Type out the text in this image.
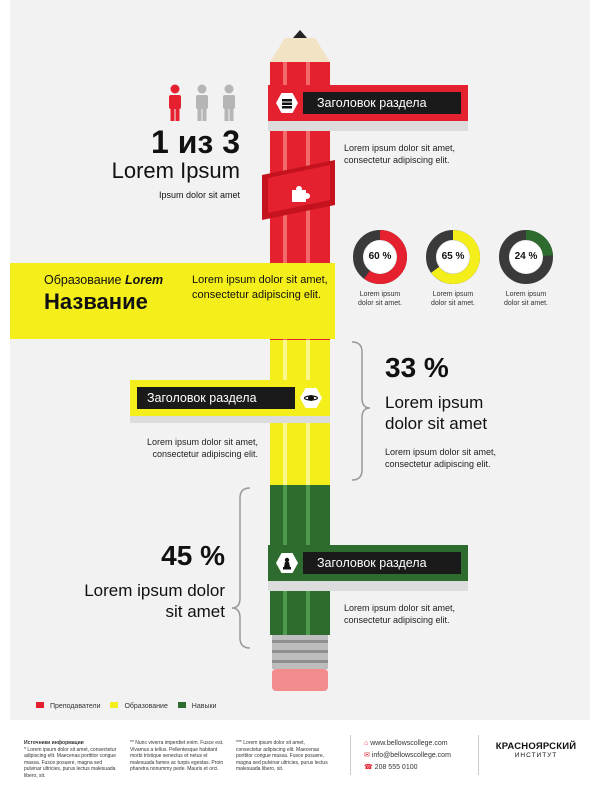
1 из 3
Lorem Ipsum
Ipsum dolor sit amet
Заголовок раздела
Lorem ipsum dolor sit amet, consectetur adipiscing elit.
60 %	65 %	24 %
Lorem ipsum dolor sit amet.
Lorem ipsum dolor sit amet.
Lorem ipsum dolor sit amet.
Образование Lorem
Название
Lorem ipsum dolor sit amet, consectetur adipiscing elit.
33 %
Lorem ipsum dolor sit amet
Lorem ipsum dolor sit amet, consectetur adipiscing elit.
Заголовок раздела
Lorem ipsum dolor sit amet, consectetur adipiscing elit.
45 %
Lorem ipsum dolor sit amet
Заголовок раздела
Lorem ipsum dolor sit amet, consectetur adipiscing elit.
Преподаватели	Образование	Навыки
Источники информации
* Lorem ipsum dolor sit amet, consectetur adipiscing elit. Maecenas porttitor congue massa. Fusce posuere, magna sed pulvinar ultricies, purus lectus malesuada libero, sit.
** Nunc viverra imperdiet enim. Fusce est. Vivamus a tellus. Pellentesque habitant morbi tristique senectus et netus et malesuada fames ac turpis egestas. Proin pharetra nonummy pede. Mauris et orci.
*** Lorem ipsum dolor sit amet, consectetur adipiscing elit. Maecenas porttitor congue massa. Fusce posuere, magna sed pulvinar ultricies, purus lectus malesuada libero, sit.
⌂ www.bellowscollege.com
✉ info@bellowscollege.com
☎ 208 555 0100
КРАСНОЯРСКИЙ
ИНСТИТУТ
